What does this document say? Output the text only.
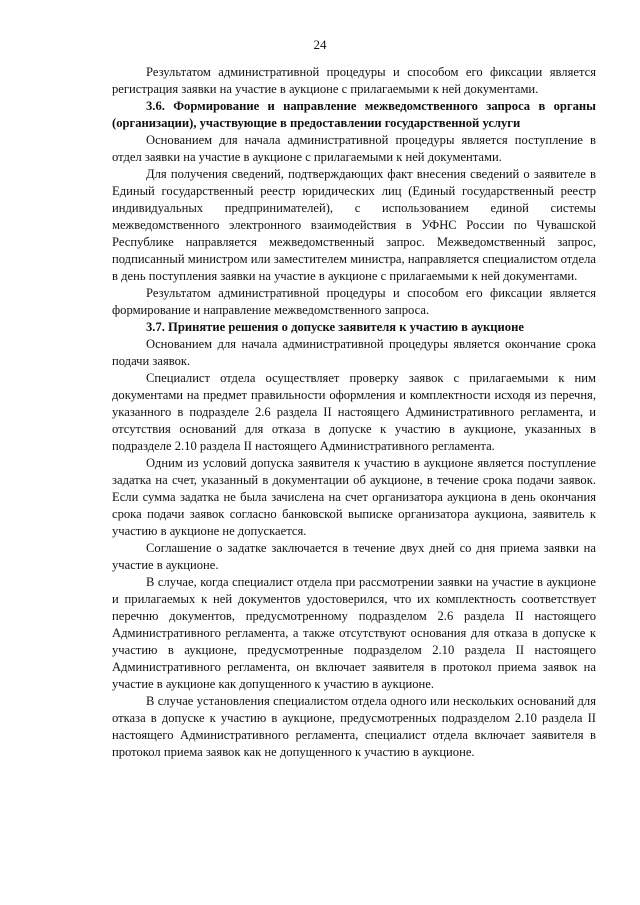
24

Результатом административной процедуры и способом его фиксации является регистрация заявки на участие в аукционе с прилагаемыми к ней документами.

3.6. Формирование и направление межведомственного запроса в органы (организации), участвующие в предоставлении государственной услуги

Основанием для начала административной процедуры является поступление в отдел заявки на участие в аукционе с прилагаемыми к ней документами.

Для получения сведений, подтверждающих факт внесения сведений о заявителе в Единый государственный реестр юридических лиц (Единый государственный реестр индивидуальных предпринимателей), с использованием единой системы межведомственного электронного взаимодействия в УФНС России по Чувашской Республике направляется межведомственный запрос. Межведомственный запрос, подписанный министром или заместителем министра, направляется специалистом отдела в день поступления заявки на участие в аукционе с прилагаемыми к ней документами.

Результатом административной процедуры и способом его фиксации является формирование и направление межведомственного запроса.

3.7. Принятие решения о допуске заявителя к участию в аукционе

Основанием для начала административной процедуры является окончание срока подачи заявок.

Специалист отдела осуществляет проверку заявок с прилагаемыми к ним документами на предмет правильности оформления и комплектности исходя из перечня, указанного в подразделе 2.6 раздела II настоящего Административного регламента, и отсутствия оснований для отказа в допуске к участию в аукционе, указанных в подразделе 2.10 раздела II настоящего Административного регламента.

Одним из условий допуска заявителя к участию в аукционе является поступление задатка на счет, указанный в документации об аукционе, в течение срока подачи заявок. Если сумма задатка не была зачислена на счет организатора аукциона в день окончания срока подачи заявок согласно банковской выписке организатора аукциона, заявитель к участию в аукционе не допускается.

Соглашение о задатке заключается в течение двух дней со дня приема заявки на участие в аукционе.

В случае, когда специалист отдела при рассмотрении заявки на участие в аукционе и прилагаемых к ней документов удостоверился, что их комплектность соответствует перечню документов, предусмотренному подразделом 2.6 раздела II настоящего Административного регламента, а также отсутствуют основания для отказа в допуске к участию в аукционе, предусмотренные подразделом 2.10 раздела II настоящего Административного регламента, он включает заявителя в протокол приема заявок на участие в аукционе как допущенного к участию в аукционе.

В случае установления специалистом отдела одного или нескольких оснований для отказа в допуске к участию в аукционе, предусмотренных подразделом 2.10 раздела II настоящего Административного регламента, специалист отдела включает заявителя в протокол приема заявок как не допущенного к участию в аукционе.
